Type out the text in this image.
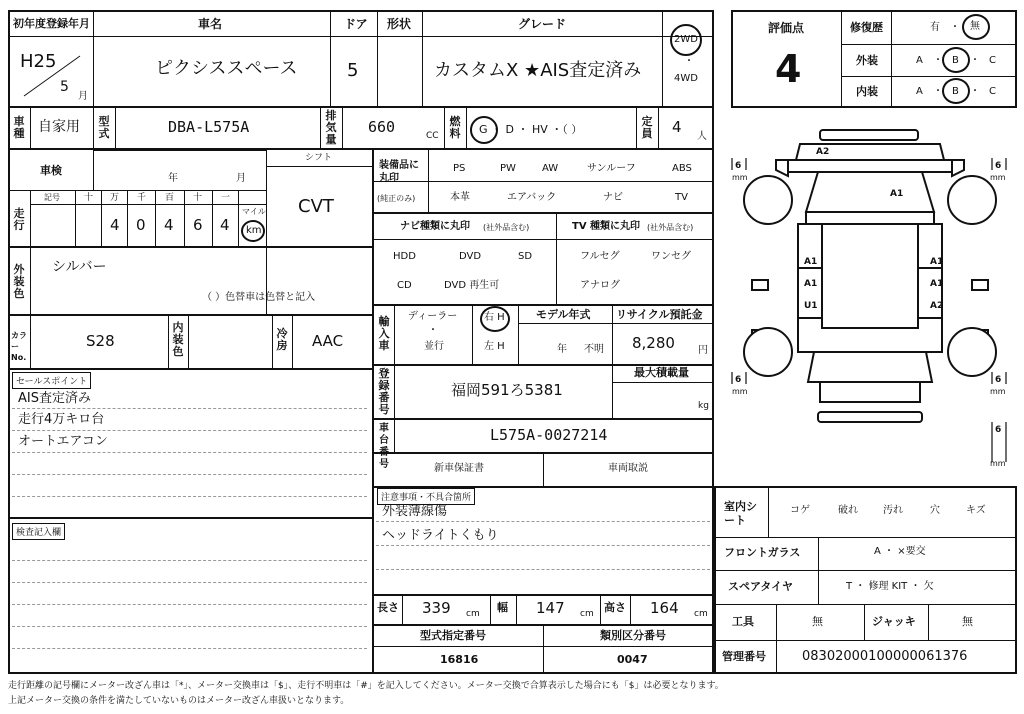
初年度登録年月	車名	ドア 形状	グレード
H25
5
月
ピクシススペース	5	カスタムX ★AIS査定済み
2WD
・
4WD
車種 自家用 型式	DBA-L575A
排気量
660	CC
燃料 G ・ D ・ HV ・（ ）
定員 4
人
車検
年	月
シフト
CVT
走行
記号	十 万 千 百 十 一
4 0 4 6 4
マイル
km
外装色
シルバー
（ ）色替車は色替と記入
カラーNo.
S28
内装色
冷房 AAC
セールスポイント
AIS査定済み
走行4万キロ台
オートエアコン
検査記入欄
装備品に丸印
(純正のみ)
PS	PW	AW	サンルーフ	ABS
本革	エアバック	ナビ	TV
ナビ種類に丸印 (社外品含む)	TV 種類に丸印 (社外品含む)
HDD	DVD	SD
CD	DVD 再生可
フルセグ	ワンセグ
アナログ
輸入車
ディーラー
・
並行
右 H
左 H
モデル年式
年 不明
リサイクル預託金
8,280 円
登録番号
福岡591ろ5381
最大積載量
kg
車台番号
L575A-0027214
新車保証書	車両取説
注意事項・不具合箇所
外装薄線傷
ヘッドライトくもり
長さ 339 cm 幅 147 cm 高さ 164 cm
型式指定番号	類別区分番号
16816	0047
評価点
4
修復歴	有 ・ 無
外装	A ・ B ・ C
内装	A ・ B ・ C
6	6
6	6
6
mm	mm
mm	mm
mm
A2
A1
A1	A1
A1	A1
U1	A2
室内シート
コゲ	破れ	汚れ	穴	キズ
フロントガラス	A ・ ×要交
スペアタイヤ	T ・ 修理 KIT ・ 欠
工具	無	ジャッキ	無
管理番号	08302000100000061376
走行距離の記号欄にメーター改ざん車は「*」、メーター交換車は「$」、走行不明車は「#」を記入してください。メーター交換で合算表示した場合にも「$」は必要となります。
上記メーター交換の条件を満たしていないものはメーター改ざん車扱いとなります。
